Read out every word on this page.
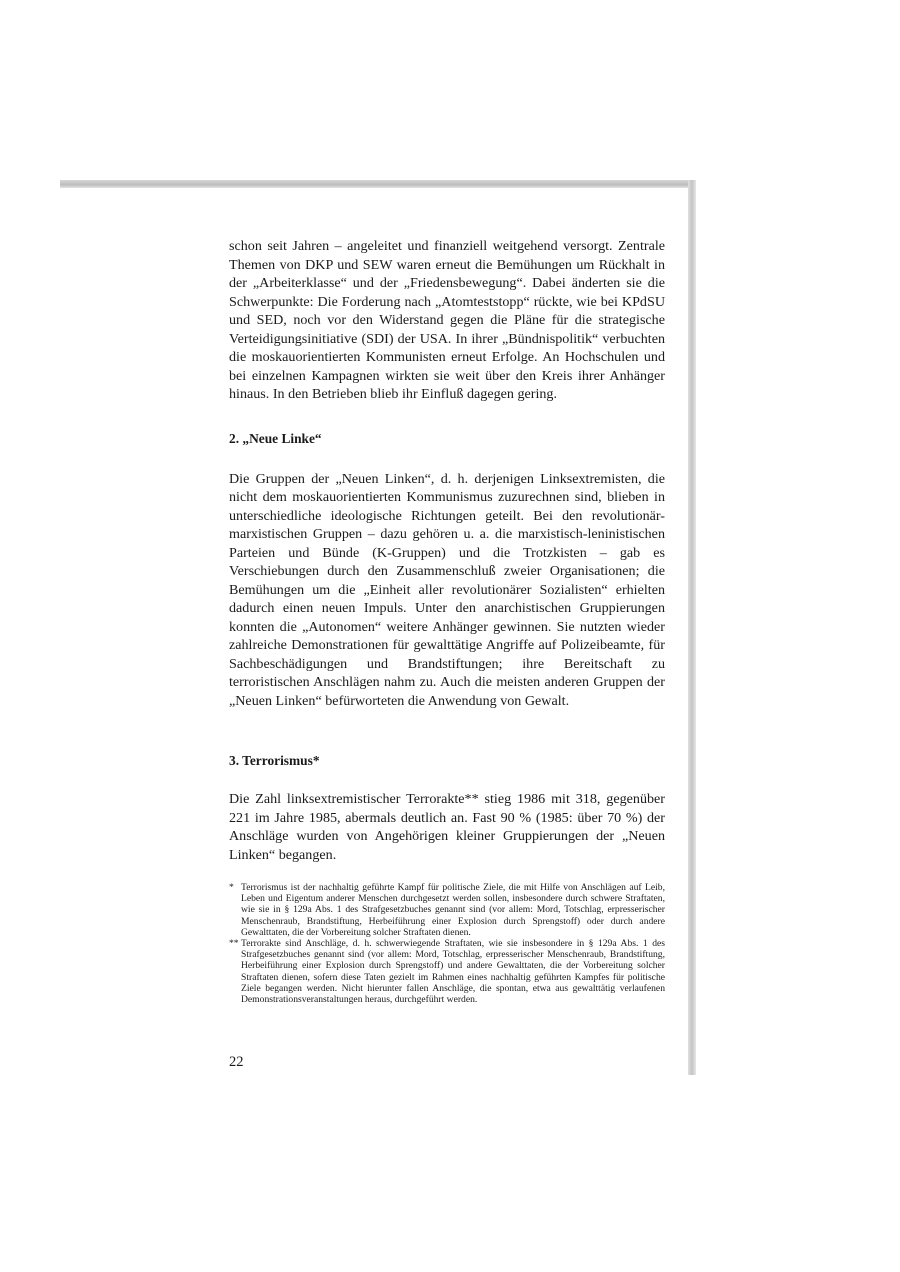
schon seit Jahren – angeleitet und finanziell weitgehend versorgt. Zentrale Themen von DKP und SEW waren erneut die Bemühungen um Rückhalt in der „Arbeiterklasse“ und der „Friedensbewegung“. Dabei änderten sie die Schwerpunkte: Die Forderung nach „Atomteststopp“ rückte, wie bei KPdSU und SED, noch vor den Widerstand gegen die Pläne für die strategische Verteidigungsinitiative (SDI) der USA. In ihrer „Bündnispolitik“ verbuchten die moskauorientierten Kommunisten erneut Erfolge. An Hochschulen und bei einzelnen Kampagnen wirkten sie weit über den Kreis ihrer Anhänger hinaus. In den Betrieben blieb ihr Einfluß dagegen gering.

2. „Neue Linke“

Die Gruppen der „Neuen Linken“, d. h. derjenigen Linksextremisten, die nicht dem moskauorientierten Kommunismus zuzurechnen sind, blieben in unterschiedliche ideologische Richtungen geteilt. Bei den revolutionär-marxistischen Gruppen – dazu gehören u. a. die marxistisch-leninistischen Parteien und Bünde (K-Gruppen) und die Trotzkisten – gab es Verschiebungen durch den Zusammenschluß zweier Organisationen; die Bemühungen um die „Einheit aller revolutionärer Sozialisten“ erhielten dadurch einen neuen Impuls. Unter den anarchistischen Gruppierungen konnten die „Autonomen“ weitere Anhänger gewinnen. Sie nutzten wieder zahlreiche Demonstrationen für gewalttätige Angriffe auf Polizeibeamte, für Sachbeschädigungen und Brandstiftungen; ihre Bereitschaft zu terroristischen Anschlägen nahm zu. Auch die meisten anderen Gruppen der „Neuen Linken“ befürworteten die Anwendung von Gewalt.

3. Terrorismus*

Die Zahl linksextremistischer Terrorakte** stieg 1986 mit 318, gegenüber 221 im Jahre 1985, abermals deutlich an. Fast 90 % (1985: über 70 %) der Anschläge wurden von Angehörigen kleiner Gruppierungen der „Neuen Linken“ begangen.

* Terrorismus ist der nachhaltig geführte Kampf für politische Ziele, die mit Hilfe von Anschlägen auf Leib, Leben und Eigentum anderer Menschen durchgesetzt werden sollen, insbesondere durch schwere Straftaten, wie sie in § 129a Abs. 1 des Strafgesetzbuches genannt sind (vor allem: Mord, Totschlag, erpresserischer Menschenraub, Brandstiftung, Herbeiführung einer Explosion durch Sprengstoff) oder durch andere Gewalttaten, die der Vorbereitung solcher Straftaten dienen.
** Terrorakte sind Anschläge, d. h. schwerwiegende Straftaten, wie sie insbesondere in § 129a Abs. 1 des Strafgesetzbuches genannt sind (vor allem: Mord, Totschlag, erpresserischer Menschenraub, Brandstiftung, Herbeiführung einer Explosion durch Sprengstoff) und andere Gewalttaten, die der Vorbereitung solcher Straftaten dienen, sofern diese Taten gezielt im Rahmen eines nachhaltig geführten Kampfes für politische Ziele begangen werden. Nicht hierunter fallen Anschläge, die spontan, etwa aus gewalttätig verlaufenen Demonstrationsveranstaltungen heraus, durchgeführt werden.
22
